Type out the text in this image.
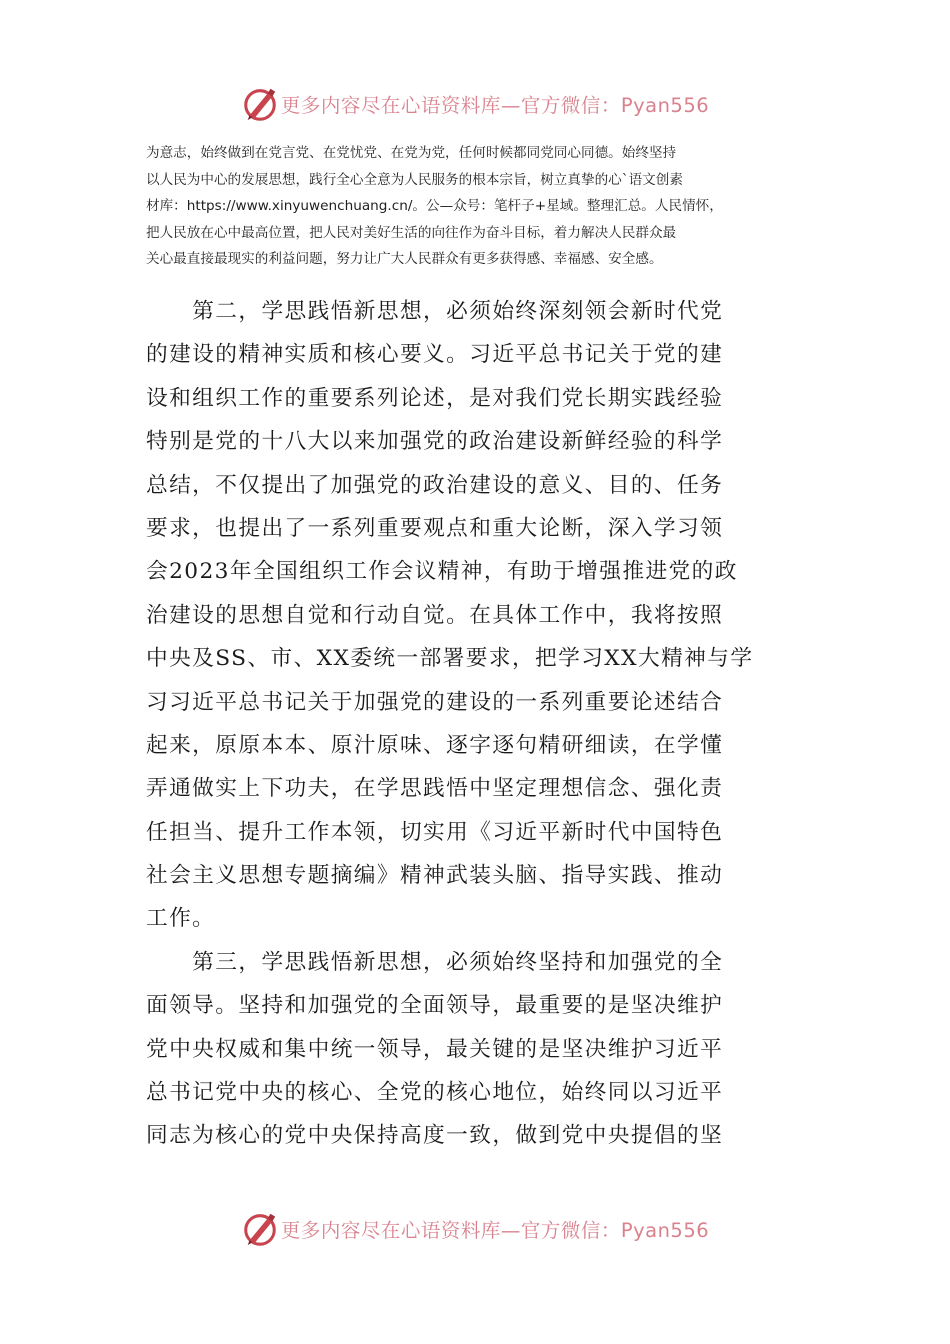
更多内容尽在心语资料库—官方微信：Pyan556
为意志，始终做到在党言党、在党忧党、在党为党，任何时候都同党同心同德。始终坚持
以人民为中心的发展思想，践行全心全意为人民服务的根本宗旨，树立真挚的心`语文创素
材库：https://www.xinyuwenchuang.cn/。公—众号：笔杆子+星域。整理汇总。人民情怀，
把人民放在心中最高位置，把人民对美好生活的向往作为奋斗目标，着力解决人民群众最
关心最直接最现实的利益问题，努力让广大人民群众有更多获得感、幸福感、安全感。
　　第二，学思践悟新思想，必须始终深刻领会新时代党
的建设的精神实质和核心要义。习近平总书记关于党的建
设和组织工作的重要系列论述，是对我们党长期实践经验
特别是党的十八大以来加强党的政治建设新鲜经验的科学
总结，不仅提出了加强党的政治建设的意义、目的、任务
要求，也提出了一系列重要观点和重大论断，深入学习领
会2023年全国组织工作会议精神，有助于增强推进党的政
治建设的思想自觉和行动自觉。在具体工作中，我将按照
中央及SS、市、XX委统一部署要求，把学习XX大精神与学
习习近平总书记关于加强党的建设的一系列重要论述结合
起来，原原本本、原汁原味、逐字逐句精研细读，在学懂
弄通做实上下功夫，在学思践悟中坚定理想信念、强化责
任担当、提升工作本领，切实用《习近平新时代中国特色
社会主义思想专题摘编》精神武装头脑、指导实践、推动
工作。
　　第三，学思践悟新思想，必须始终坚持和加强党的全
面领导。坚持和加强党的全面领导，最重要的是坚决维护
党中央权威和集中统一领导，最关键的是坚决维护习近平
总书记党中央的核心、全党的核心地位，始终同以习近平
同志为核心的党中央保持高度一致，做到党中央提倡的坚
更多内容尽在心语资料库—官方微信：Pyan556
